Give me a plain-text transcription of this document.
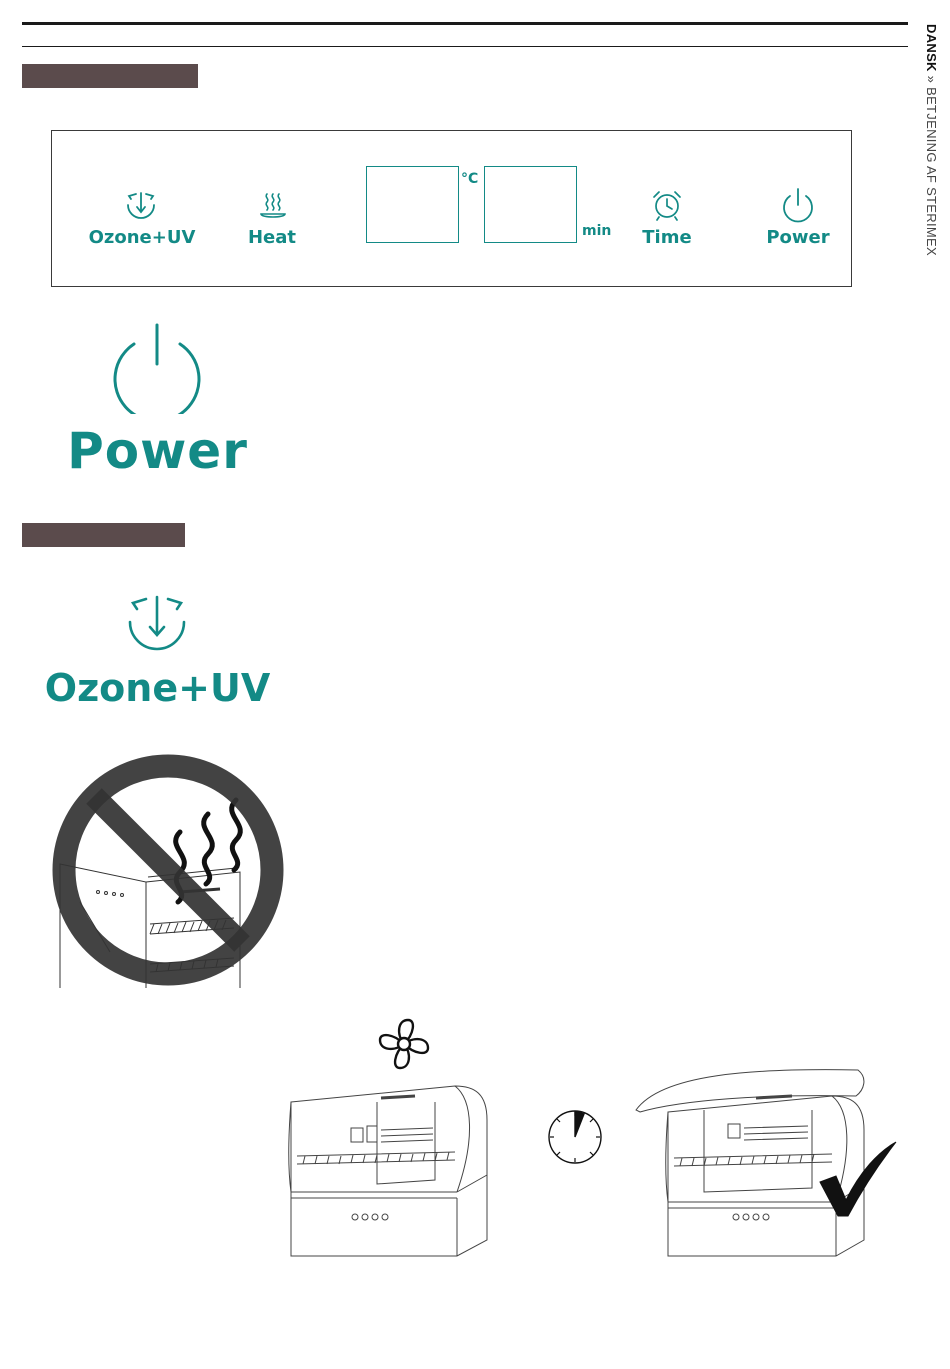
DANSK » BETJENING AF STERIMEX
Ozone+UV	Heat
°C
min	Time	Power
Power
Ozone+UV
